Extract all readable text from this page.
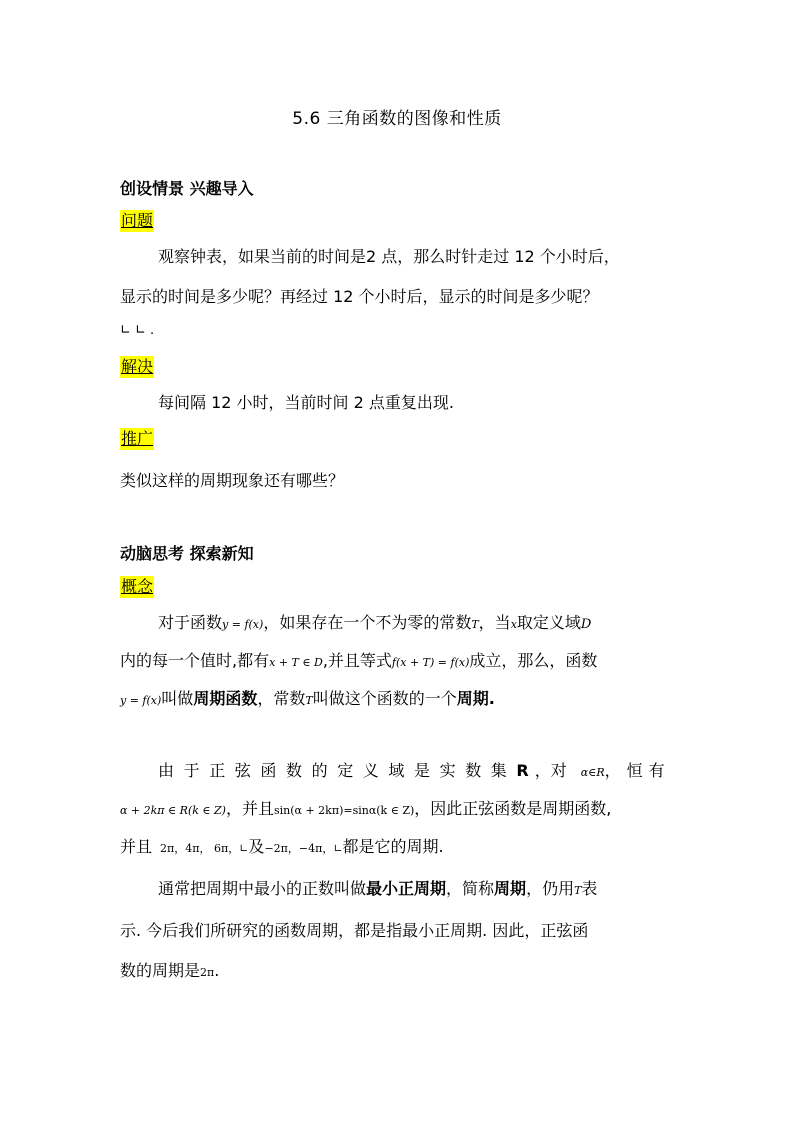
5.6 三角函数的图像和性质
创设情景 兴趣导入
问题
观察钟表，如果当前的时间是2 点，那么时针走过 12 个小时后，
显示的时间是多少呢？再经过 12 个小时后，显示的时间是多少呢？
∟ ∟ .
解决
每间隔 12 小时，当前时间 2 点重复出现.
推广
类似这样的周期现象还有哪些？
动脑思考 探索新知
概念
对于函数y = f(x)，如果存在一个不为零的常数T，当x取定义域D
内的每一个值时,都有x + T ∈ D,并且等式f(x + T) = f(x)成立，那么，函数
y = f(x)叫做周期函数，常数T叫做这个函数的一个周期.
由于正弦函数的定义域是实数集R ，对 α∈R，恒有
α + 2kπ ∈ R(k ∈ Z)，并且sin(α + 2kπ)=sinα(k ∈ Z)，因此正弦函数是周期函数,
并且 2π，4π， 6π，∟及−2π，−4π，∟都是它的周期.
通常把周期中最小的正数叫做最小正周期，简称周期，仍用T表
示. 今后我们所研究的函数周期，都是指最小正周期. 因此，正弦函
数的周期是2π.
